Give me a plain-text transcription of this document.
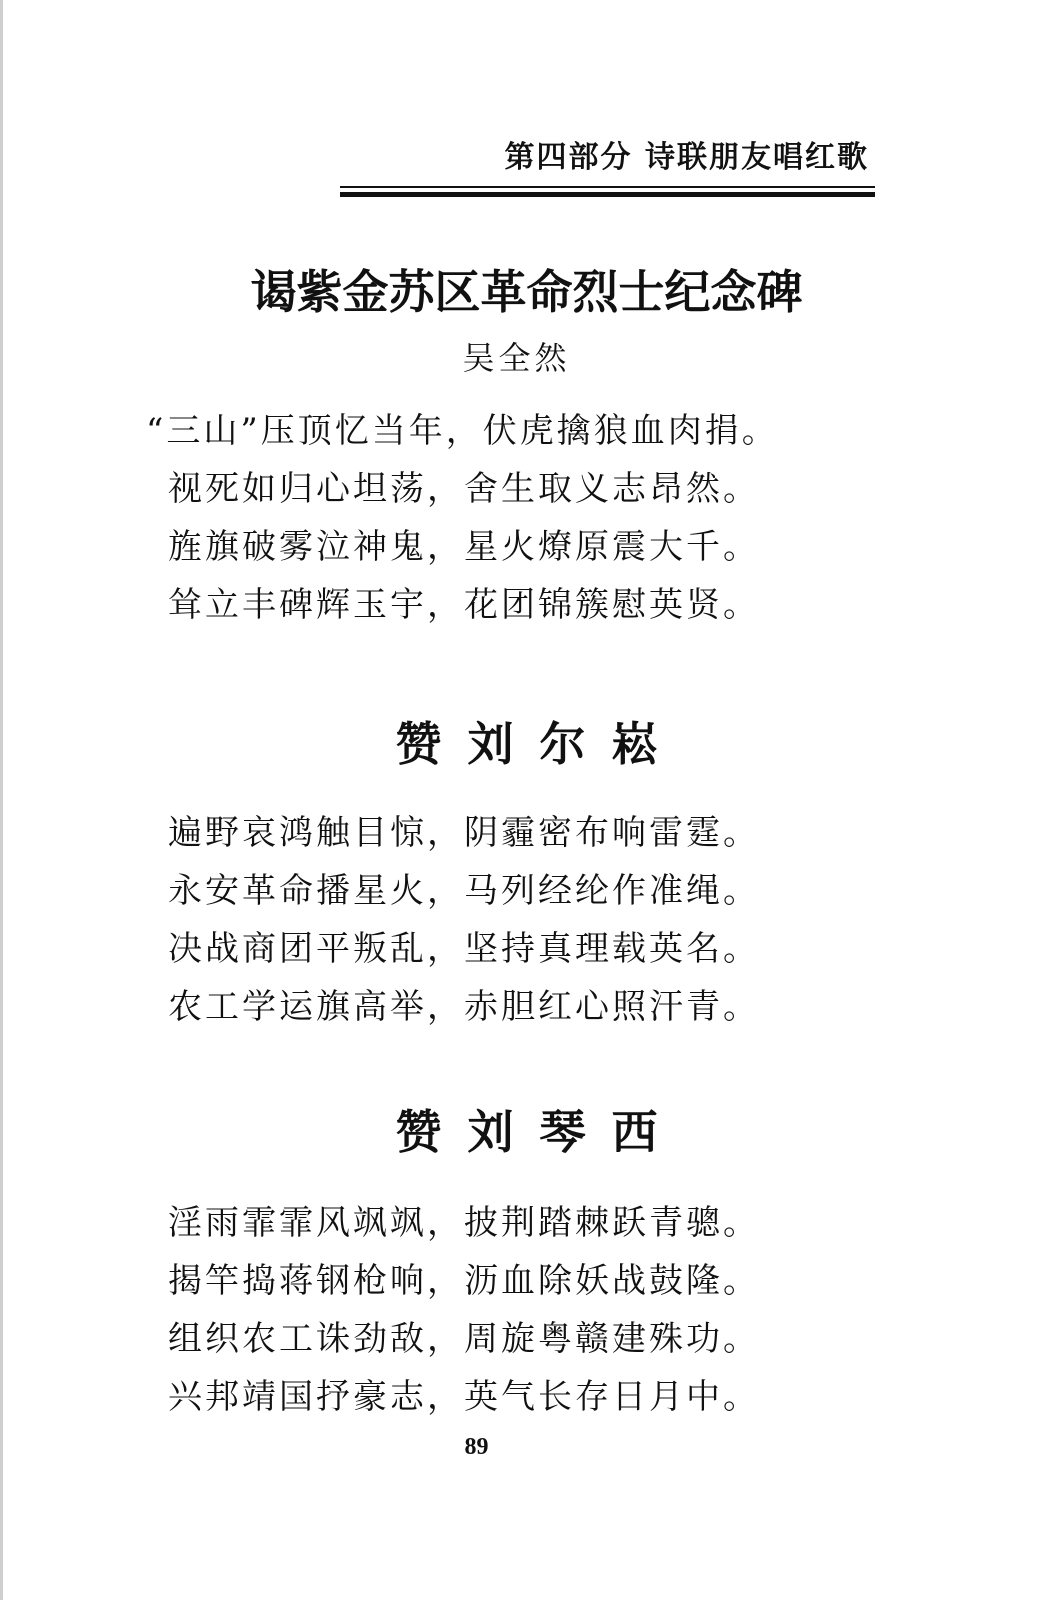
第四部分 诗联朋友唱红歌
谒紫金苏区革命烈士纪念碑
吴全然
“三山”压顶忆当年，伏虎擒狼血肉捐。
视死如归心坦荡，舍生取义志昂然。
旌旗破雾泣神鬼，星火燎原震大千。
耸立丰碑辉玉宇，花团锦簇慰英贤。
赞刘尔崧
遍野哀鸿触目惊，阴霾密布响雷霆。
永安革命播星火，马列经纶作准绳。
决战商团平叛乱，坚持真理载英名。
农工学运旗高举，赤胆红心照汗青。
赞刘琴西
淫雨霏霏风飒飒，披荆踏棘跃青骢。
揭竿捣蒋钢枪响，沥血除妖战鼓隆。
组织农工诛劲敌，周旋粤赣建殊功。
兴邦靖国抒豪志，英气长存日月中。
89
